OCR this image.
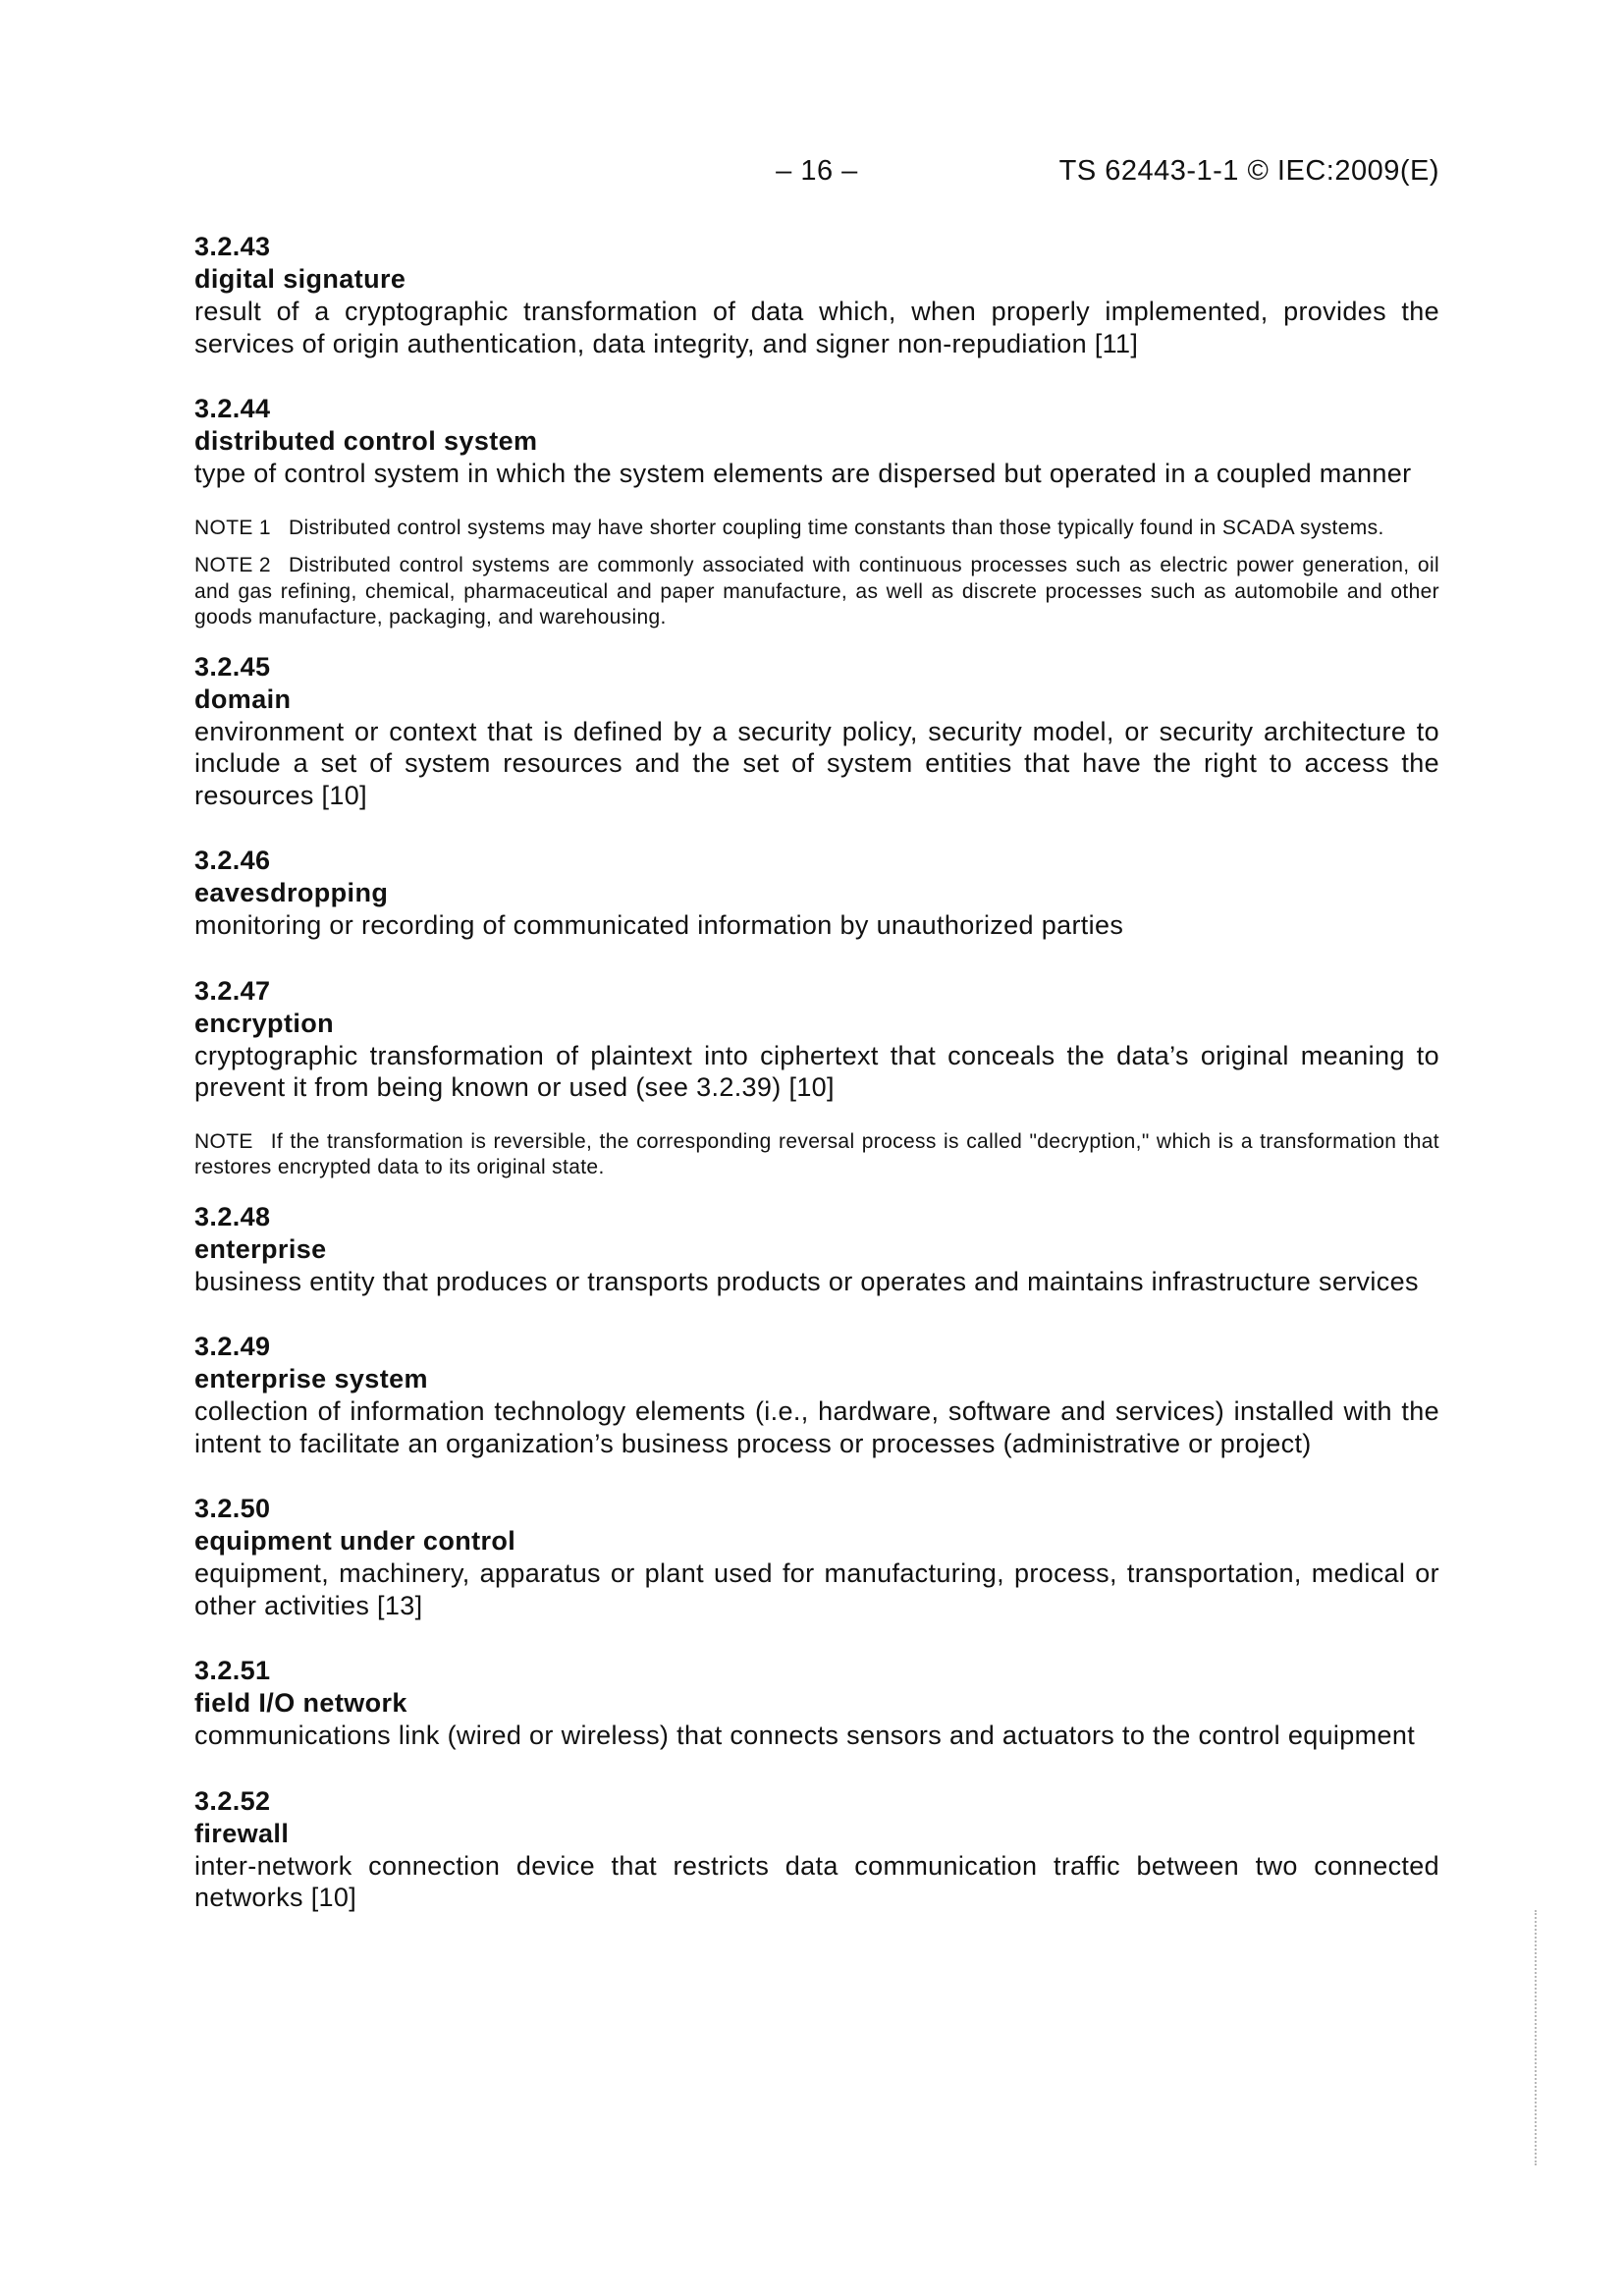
– 16 –	TS 62443-1-1 © IEC:2009(E)
3.2.43
digital signature
result of a cryptographic transformation of data which, when properly implemented, provides the services of origin authentication, data integrity, and signer non-repudiation [11]
3.2.44
distributed control system
type of control system in which the system elements are dispersed but operated in a coupled manner
NOTE 1 Distributed control systems may have shorter coupling time constants than those typically found in SCADA systems.
NOTE 2 Distributed control systems are commonly associated with continuous processes such as electric power generation, oil and gas refining, chemical, pharmaceutical and paper manufacture, as well as discrete processes such as automobile and other goods manufacture, packaging, and warehousing.
3.2.45
domain
environment or context that is defined by a security policy, security model, or security architecture to include a set of system resources and the set of system entities that have the right to access the resources [10]
3.2.46
eavesdropping
monitoring or recording of communicated information by unauthorized parties
3.2.47
encryption
cryptographic transformation of plaintext into ciphertext that conceals the data’s original meaning to prevent it from being known or used (see 3.2.39) [10]
NOTE If the transformation is reversible, the corresponding reversal process is called "decryption," which is a transformation that restores encrypted data to its original state.
3.2.48
enterprise
business entity that produces or transports products or operates and maintains infrastructure services
3.2.49
enterprise system
collection of information technology elements (i.e., hardware, software and services) installed with the intent to facilitate an organization’s business process or processes (administrative or project)
3.2.50
equipment under control
equipment, machinery, apparatus or plant used for manufacturing, process, transportation, medical or other activities [13]
3.2.51
field I/O network
communications link (wired or wireless) that connects sensors and actuators to the control equipment
3.2.52
firewall
inter-network connection device that restricts data communication traffic between two connected networks [10]
